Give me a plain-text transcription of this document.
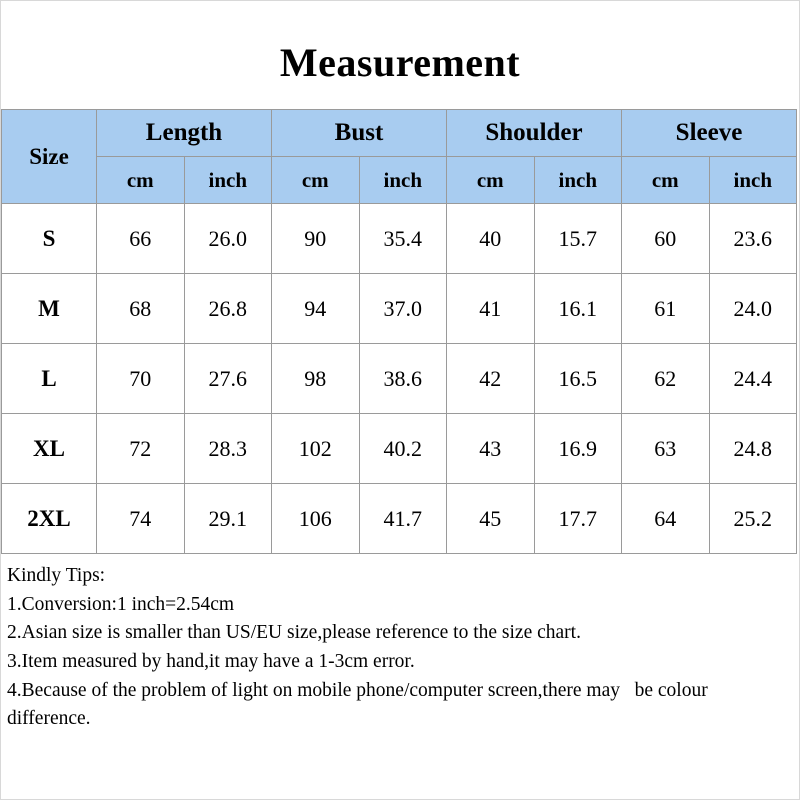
Measurement
Size	Length		Bust		Shoulder		Sleeve	
	cm	inch	cm	inch	cm	inch	cm	inch
S	66	26.0	90	35.4	40	15.7	60	23.6
M	68	26.8	94	37.0	41	16.1	61	24.0
L	70	27.6	98	38.6	42	16.5	62	24.4
XL	72	28.3	102	40.2	43	16.9	63	24.8
2XL	74	29.1	106	41.7	45	17.7	64	25.2
Kindly Tips:
1.Conversion:1 inch=2.54cm
2.Asian size is smaller than US/EU size,please reference to the size chart.
3.Item measured by hand,it may have a 1-3cm error.
4.Because of the problem of light on mobile phone/computer screen,there may   be colour difference.
